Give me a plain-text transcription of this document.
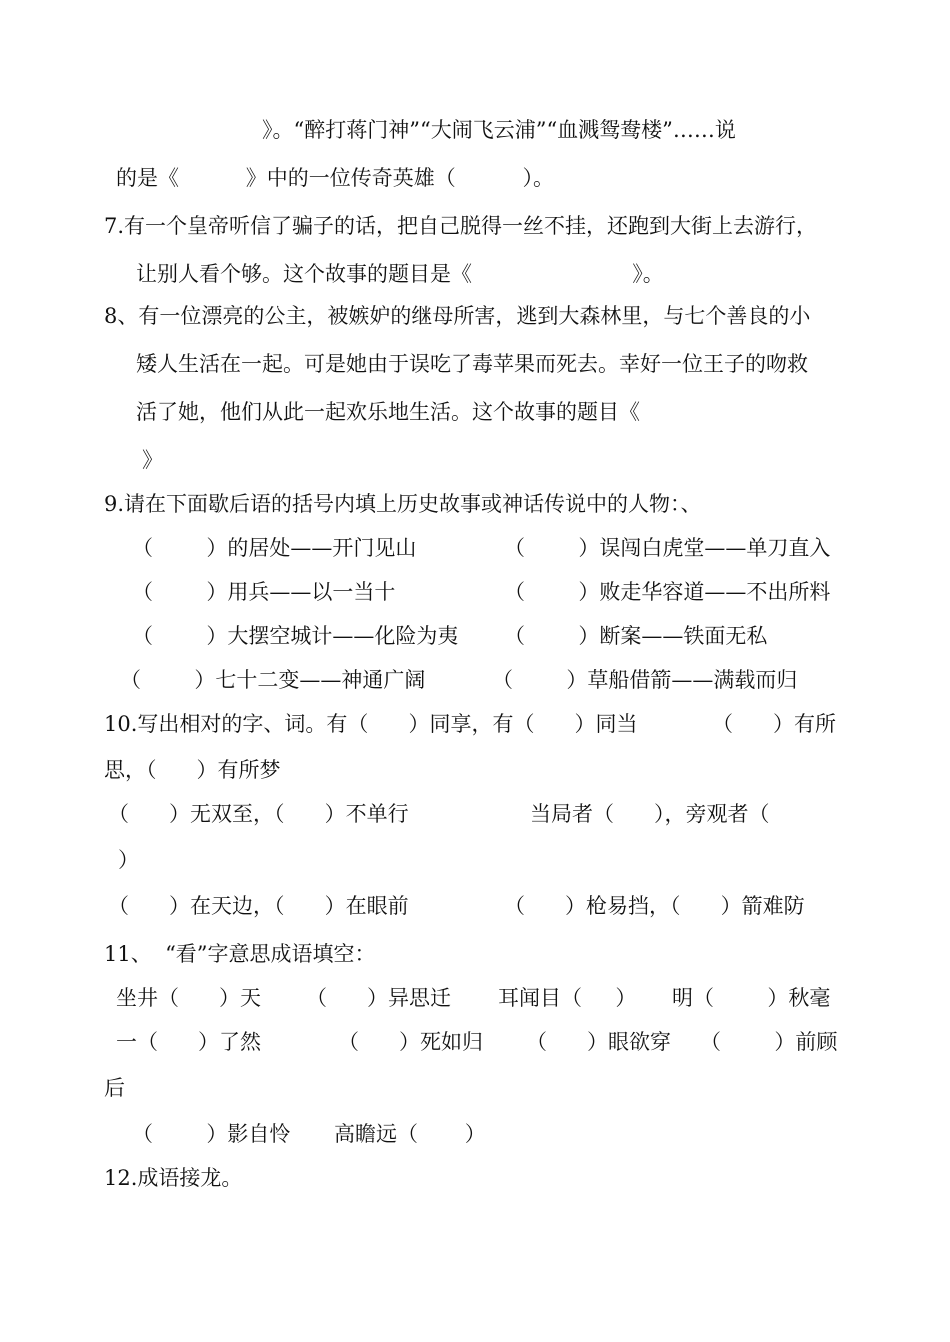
》。“醉打蒋门神”“大闹飞云浦”“血溅鸳鸯楼”……说
的是《          》中的一位传奇英雄（          ）。
7.有一个皇帝听信了骗子的话，把自己脱得一丝不挂，还跑到大街上去游行，
让别人看个够。这个故事的题目是《                        》。
8、有一位漂亮的公主，被嫉妒的继母所害，逃到大森林里，与七个善良的小
矮人生活在一起。可是她由于误吃了毒苹果而死去。幸好一位王子的吻救
活了她，他们从此一起欢乐地生活。这个故事的题目《
》
9.请在下面歇后语的括号内填上历史故事或神话传说中的人物：、
（        ）的居处——开门见山	（        ）误闯白虎堂——单刀直入
（        ）用兵——以一当十	（        ）败走华容道——不出所料
（        ）大摆空城计——化险为夷 （        ）断案——铁面无私
（        ）七十二变——神通广阔	（        ）草船借箭——满载而归
10.写出相对的字、词。有（      ）同享，有（      ）同当	（      ）有所
思，（      ）有所梦
（      ）无双至，（      ）不单行	当局者（      ），旁观者（
）
（      ）在天边，（      ）在眼前	（      ）枪易挡，（      ）箭难防
11、  “看”字意思成语填空：
坐井（      ）天 （      ）异思迁 耳闻目（     ） 明（        ）秋毫
一（      ）了然	（      ）死如归 （      ）眼欲穿 （        ）前顾
后
（        ）影自怜 高瞻远（       ）
12.成语接龙。
